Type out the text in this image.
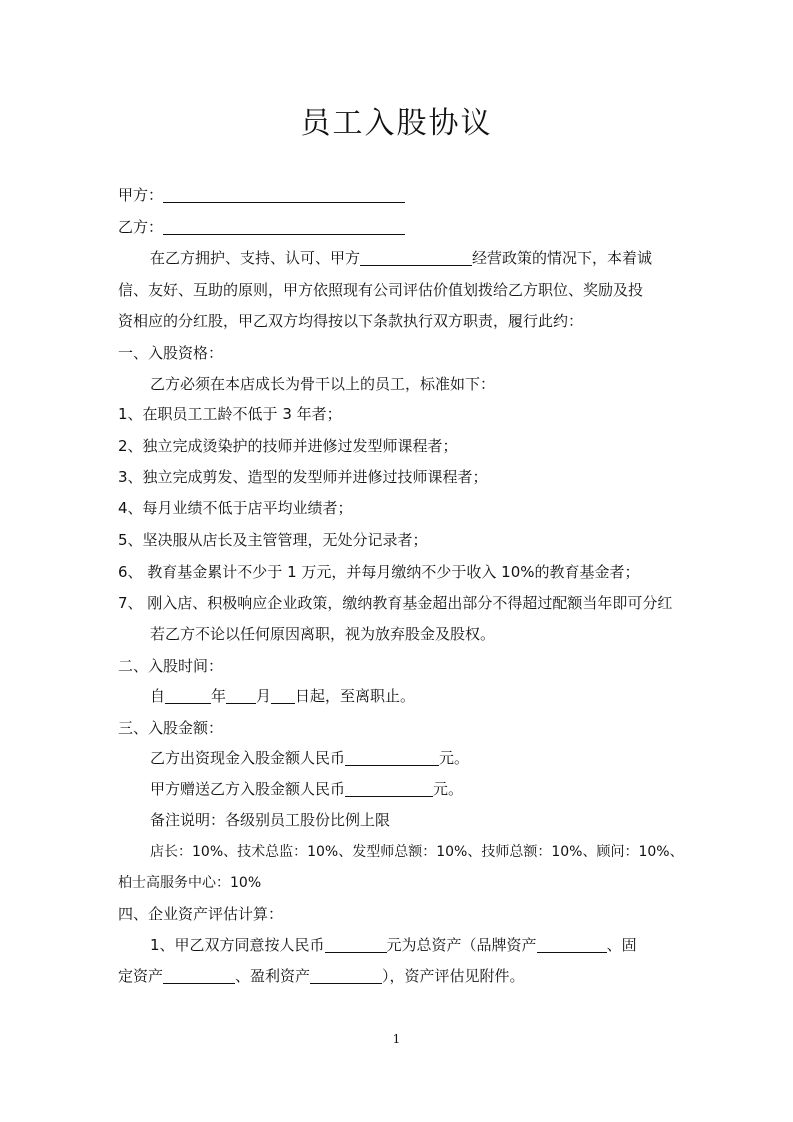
员工入股协议
甲方：
乙方：
在乙方拥护、支持、认可、甲方	经营政策的情况下，本着诚
信、友好、互助的原则，甲方依照现有公司评估价值划拨给乙方职位、奖励及投
资相应的分红股，甲乙双方均得按以下条款执行双方职责，履行此约：
一、入股资格：
乙方必须在本店成长为骨干以上的员工，标准如下：
1、在职员工工龄不低于 3 年者；
2、独立完成烫染护的技师并进修过发型师课程者；
3、独立完成剪发、造型的发型师并进修过技师课程者；
4、每月业绩不低于店平均业绩者；
5、坚决服从店长及主管管理，无处分记录者；
6、 教育基金累计不少于 1 万元，并每月缴纳不少于收入 10%的教育基金者；
7、 刚入店、积极响应企业政策，缴纳教育基金超出部分不得超过配额当年即可分红
若乙方不论以任何原因离职，视为放弃股金及股权。
二、入股时间：
自	年 月 日起，至离职止。
三、入股金额：
乙方出资现金入股金额人民币	元。
甲方赠送乙方入股金额人民币	元。
备注说明：各级别员工股份比例上限
店长：10%、技术总监：10%、发型师总额：10%、技师总额：10%、顾问：10%、
柏士高服务中心：10%
四、企业资产评估计算：
1、甲乙双方同意按人民币	元为总资产（品牌资产	、固
定资产	、盈利资产	），资产评估见附件。
1
